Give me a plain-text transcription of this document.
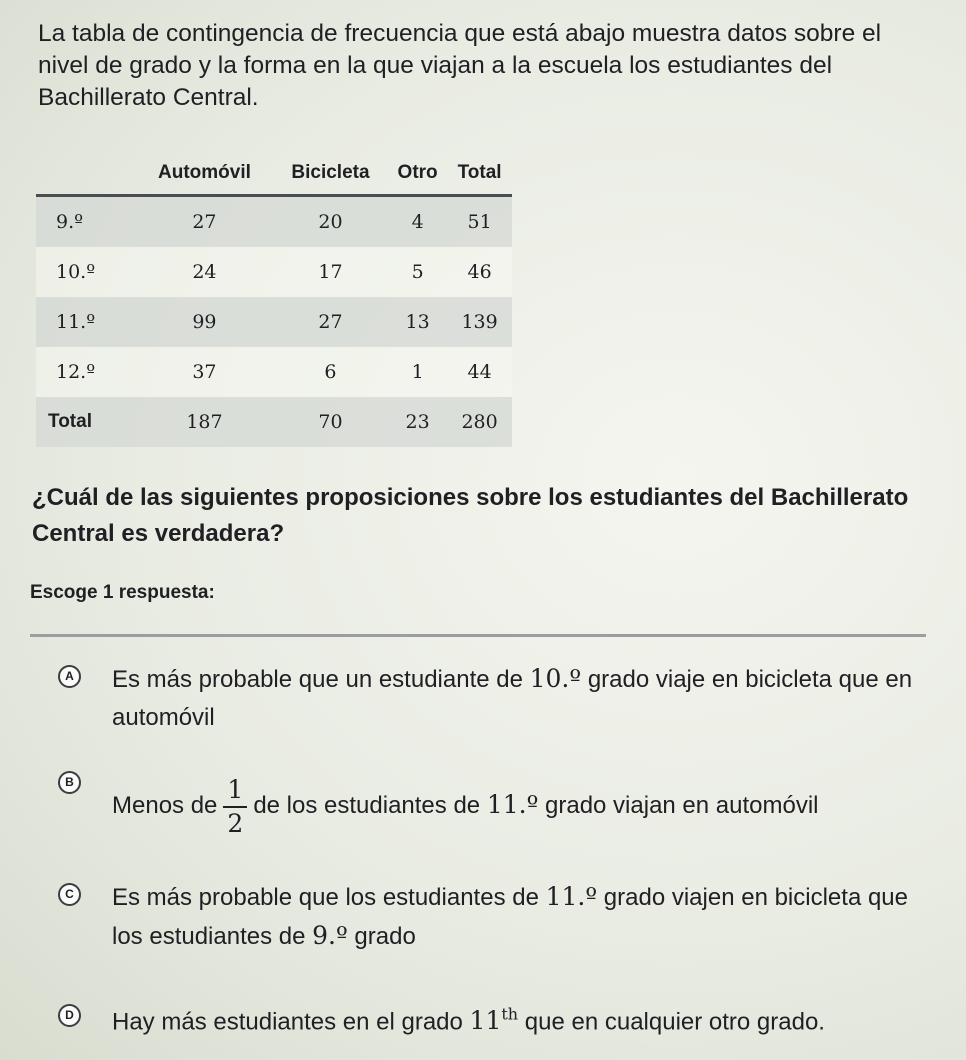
La tabla de contingencia de frecuencia que está abajo muestra datos sobre el nivel de grado y la forma en la que viajan a la escuela los estudiantes del Bachillerato Central.
	Automóvil	Bicicleta	Otro	Total
9.º	27	20	4	51
10.º	24	17	5	46
11.º	99	27	13	139
12.º	37	6	1	44
Total	187	70	23	280
¿Cuál de las siguientes proposiciones sobre los estudiantes del Bachillerato Central es verdadera?
Escoge 1 respuesta:
A Es más probable que un estudiante de 10.º grado viaje en bicicleta que en automóvil
B
Menos de $\frac{1}{2}$ de los estudiantes de 11.º grado viajan en automóvil
C Es más probable que los estudiantes de 11.º grado viajen en bicicleta que los estudiantes de 9.º grado
D Hay más estudiantes en el grado 11th que en cualquier otro grado.
